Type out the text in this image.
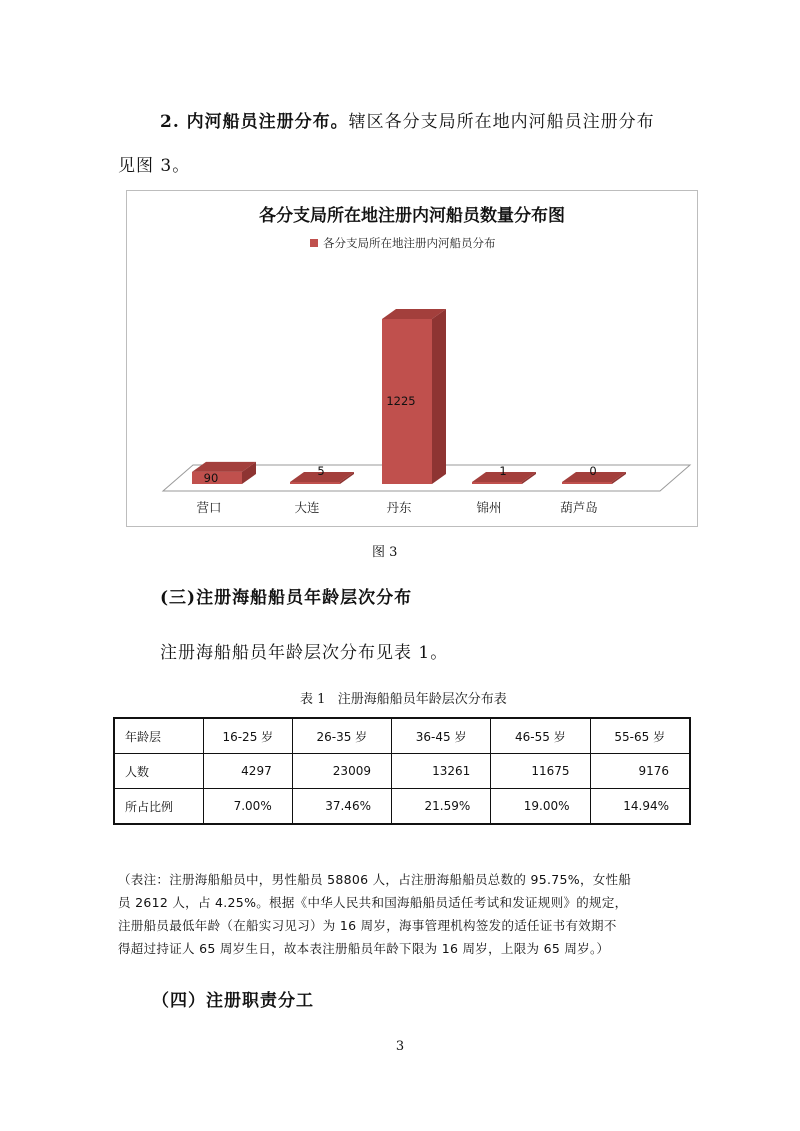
2. 内河船员注册分布。辖区各分支局所在地内河船员注册分布
见图 3。
各分支局所在地注册内河船员数量分布图
各分支局所在地注册内河船员分布
90	5
1225
1	0
营口	大连	丹东	锦州	葫芦岛
图 3
(三)注册海船船员年龄层次分布
注册海船船员年龄层次分布见表 1。
表 1   注册海船船员年龄层次分布表
年龄层	16-25 岁	26-35 岁	36-45 岁	46-55 岁	55-65 岁
人数	4297	23009	13261	11675	9176
所占比例	7.00%	37.46%	21.59%	19.00%	14.94%
（表注：注册海船船员中，男性船员 58806 人，占注册海船船员总数的 95.75%，女性船
员 2612 人，占 4.25%。根据《中华人民共和国海船船员适任考试和发证规则》的规定，
注册船员最低年龄（在船实习见习）为 16 周岁，海事管理机构签发的适任证书有效期不
得超过持证人 65 周岁生日，故本表注册船员年龄下限为 16 周岁，上限为 65 周岁。）
（四）注册职责分工
3
